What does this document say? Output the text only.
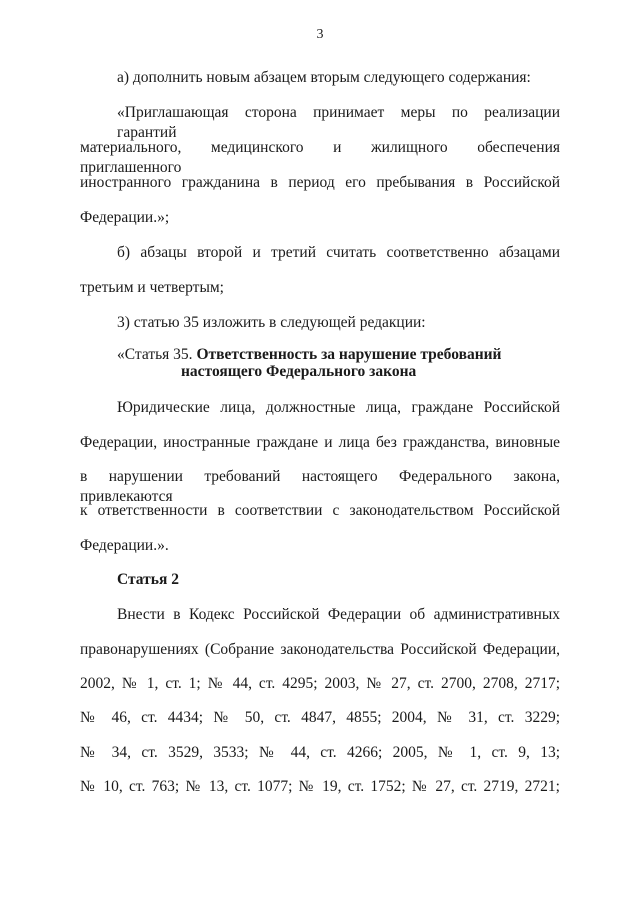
3
а) дополнить новым абзацем вторым следующего содержания:
«Приглашающая сторона принимает меры по реализации гарантий
материального, медицинского и жилищного обеспечения приглашенного
иностранного гражданина в период его пребывания в Российской
Федерации.»;
б) абзацы второй и третий считать соответственно абзацами
третьим и четвертым;
3) статью 35 изложить в следующей редакции:
«Статья 35. Ответственность за нарушение требований
настоящего Федерального закона
Юридические лица, должностные лица, граждане Российской
Федерации, иностранные граждане и лица без гражданства, виновные
в нарушении требований настоящего Федерального закона, привлекаются
к ответственности в соответствии с законодательством Российской
Федерации.».
Статья 2
Внести в Кодекс Российской Федерации об административных
правонарушениях (Собрание законодательства Российской Федерации,
2002, № 1, ст. 1; № 44, ст. 4295; 2003, № 27, ст. 2700, 2708, 2717;
№ 46, ст. 4434; № 50, ст. 4847, 4855; 2004, № 31, ст. 3229;
№ 34, ст. 3529, 3533; № 44, ст. 4266; 2005, № 1, ст. 9, 13;
№ 10, ст. 763; № 13, ст. 1077; № 19, ст. 1752; № 27, ст. 2719, 2721;
